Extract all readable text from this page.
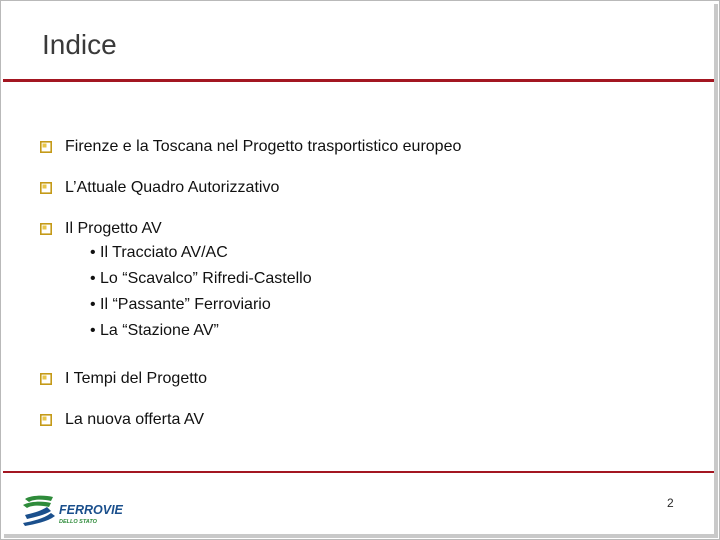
Indice
Firenze e la Toscana nel Progetto trasportistico europeo
L’Attuale Quadro Autorizzativo
Il Progetto AV
• Il Tracciato AV/AC
• Lo “Scavalco” Rifredi-Castello
• Il “Passante” Ferroviario
• La “Stazione AV”
I Tempi del Progetto
La nuova offerta AV
FERROVIE
DELLO STATO
2
